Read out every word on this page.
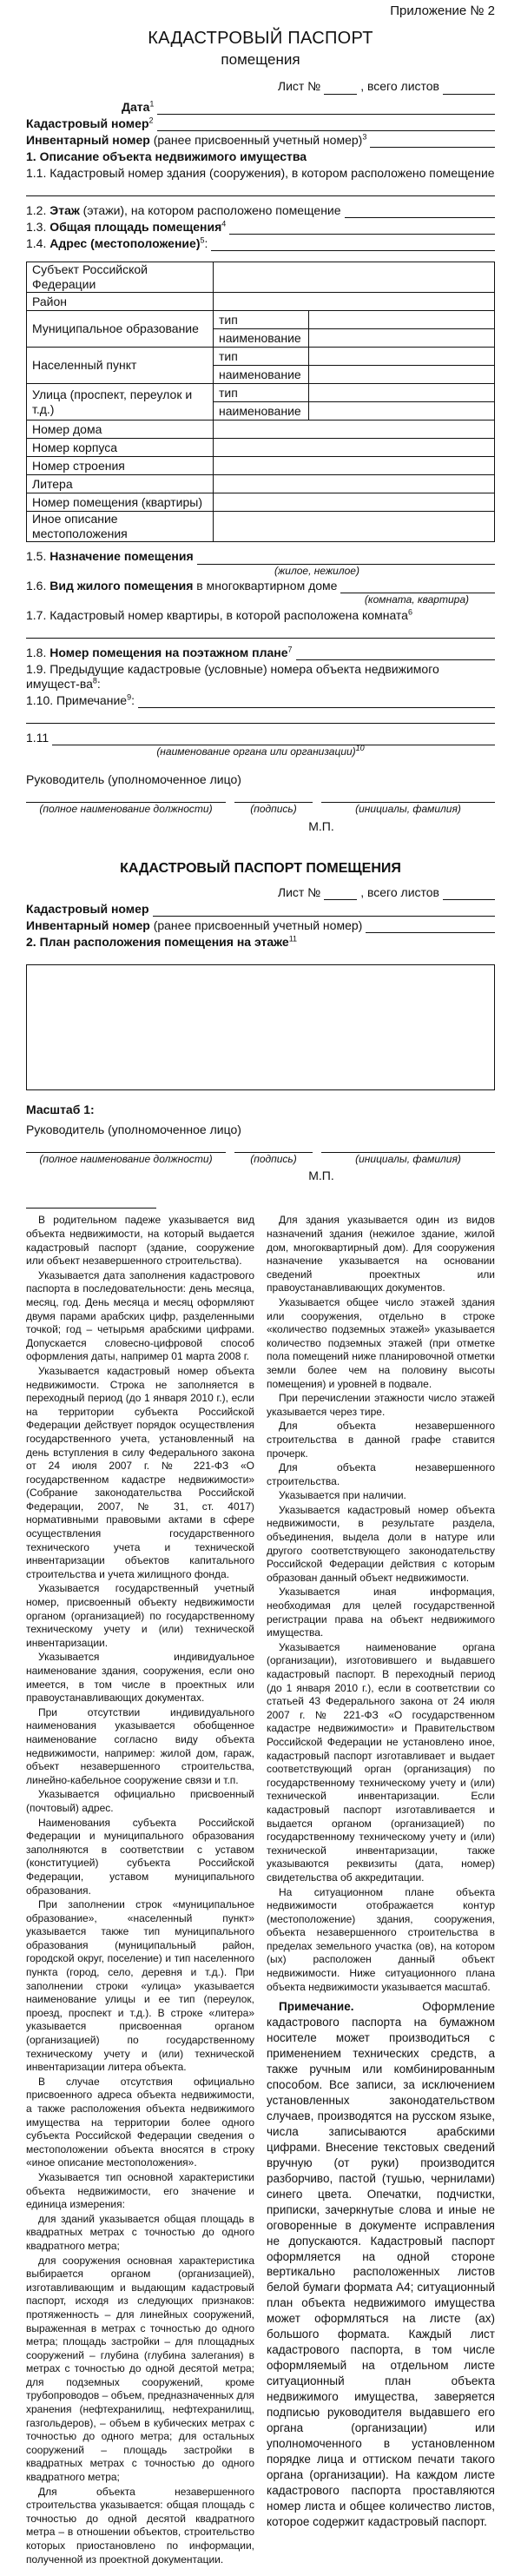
Приложение № 2
КАДАСТРОВЫЙ ПАСПОРТ
помещения
Лист №	, всего листов
Дата$^1$
Кадастровый номер$^2$
Инвентарный номер (ранее присвоенный учетный номер)$^3$
1. Описание объекта недвижимого имущества
1.1. Кадастровый номер здания (сооружения), в котором расположено помещение
1.2. Этаж (этажи), на котором расположено помещение
1.3. Общая площадь помещения$^4$
1.4. Адрес (местоположение)$^5$:
Субъект Российской Федерации		
Район		
Муниципальное образование	тип	
	наименование	
Населенный пункт	тип	
	наименование	
Улица (проспект, переулок и т.д.)	тип	
	наименование	
Номер дома		
Номер корпуса		
Номер строения		
Литера		
Номер помещения (квартиры)		
Иное описание местоположения		
1.5. Назначение помещения
(жилое, нежилое)
1.6. Вид жилого помещения в многоквартирном доме
(комната, квартира)
1.7. Кадастровый номер квартиры, в которой расположена комната$^6$
1.8. Номер помещения на поэтажном плане$^7$
1.9. Предыдущие кадастровые (условные) номера объекта недвижимого имущест-$ва^8$:
1.10. Примечание$^9$:
1.11
(наименование органа или организации)$^{10}$
Руководитель (уполномоченное лицо)
(полное наименование должности)	(подпись)	(инициалы, фамилия)
М.П.
КАДАСТРОВЫЙ ПАСПОРТ ПОМЕЩЕНИЯ
Лист №	, всего листов
Кадастровый номер
Инвентарный номер (ранее присвоенный учетный номер)
2. План расположения помещения на этаже$^{11}$
Масштаб 1:
Руководитель (уполномоченное лицо)
(полное наименование должности)	(подпись)	(инициалы, фамилия)
М.П.

В родительном падеже указывается вид объекта недвижимости, на который выдается кадастровый паспорт (здание, сооружение или объект незавершенного строительства).

Указывается дата заполнения кадастрового паспорта в последовательности: день месяца, месяц, год. День месяца и месяц оформляют двумя парами арабских цифр, разделенными точкой; год – четырьмя арабскими цифрами. Допускается словесно-цифровой способ оформления даты, например 01 марта 2008 г.

Указывается кадастровый номер объекта недвижимости. Строка не заполняется в переходный период (до 1 января 2010 г.), если на территории субъекта Российской Федерации действует порядок осуществления государственного учета, установленный на день вступления в силу Федерального закона от 24 июля 2007 г. № 221-ФЗ «О государственном кадастре недвижимости» (Собрание законодательства Российской Федерации, 2007, № 31, ст. 4017) нормативными правовыми актами в сфере осуществления государственного технического учета и технической инвентаризации объектов капитального строительства и учета жилищного фонда.

Указывается государственный учетный номер, присвоенный объекту недвижимости органом (организацией) по государственному техническому учету и (или) технической инвентаризации.

Указывается индивидуальное наименование здания, сооружения, если оно имеется, в том числе в проектных или правоустанавливающих документах.

При отсутствии индивидуального наименования указывается обобщенное наименование согласно виду объекта недвижимости, например: жилой дом, гараж, объект незавершенного строительства, линейно-кабельное сооружение связи и т.п.

Указывается официально присвоенный (почтовый) адрес.

Наименования субъекта Российской Федерации и муниципального образования заполняются в соответствии с уставом (конституцией) субъекта Российской Федерации, уставом муниципального образования.

При заполнении строк «муниципальное образование», «населенный пункт» указывается также тип муниципального образования (муниципальный район, городской округ, поселение) и тип населенного пункта (город, село, деревня и т.д.). При заполнении строки «улица» указывается наименование улицы и ее тип (переулок, проезд, проспект и т.д.). В строке «литера» указывается присвоенная органом (организацией) по государственному техническому учету и (или) технической инвентаризации литера объекта.

В случае отсутствия официально присвоенного адреса объекта недвижимости, а также расположения объекта недвижимого имущества на территории более одного субъекта Российской Федерации сведения о местоположении объекта вносятся в строку «иное описание местоположения».

Указывается тип основной характеристики объекта недвижимости, его значение и единица измерения:

для зданий указывается общая площадь в квадратных метрах с точностью до одного квадратного метра;

для сооружения основная характеристика выбирается органом (организацией), изготавливающим и выдающим кадастровый паспорт, исходя из следующих признаков: протяженность – для линейных сооружений, выраженная в метрах с точностью до одного метра; площадь застройки – для площадных сооружений – глубина (глубина залегания) в метрах с точностью до одной десятой метра; для подземных сооружений, кроме трубопроводов – объем, предназначенных для хранения (нефтехранилищ, нефтехранилищ, газгольдеров), – объем в кубических метрах с точностью до одного метра; для остальных сооружений – площадь застройки в квадратных метрах с точностью до одного квадратного метра;

Для объекта незавершенного строительства указывается: общая площадь с точностью до одной десятой квадратного метра – в отношении объектов, строительство которых приостановлено по информации, полученной из проектной документации.

Для здания указывается один из видов назначений здания (нежилое здание, жилой дом, многоквартирный дом). Для сооружения назначение указывается на основании сведений проектных или правоустанавливающих документов.

Указывается общее число этажей здания или сооружения, отдельно в строке «количество подземных этажей» указывается количество подземных этажей (при отметке пола помещений ниже планировочной отметки земли более чем на половину высоты помещения) и уровней в подвале.

При перечислении этажности число этажей указывается через тире.

Для объекта незавершенного строительства в данной графе ставится прочерк.

Для объекта незавершенного строительства.

Указывается при наличии.

Указывается кадастровый номер объекта недвижимости, в результате раздела, объединения, выдела доли в натуре или другого соответствующего законодательству Российской Федерации действия с которым образован данный объект недвижимости.

Указывается иная информация, необходимая для целей государственной регистрации права на объект недвижимого имущества.

Указывается наименование органа (организации), изготовившего и выдавшего кадастровый паспорт. В переходный период (до 1 января 2010 г.), если в соответствии со статьей 43 Федерального закона от 24 июля 2007 г. № 221-ФЗ «О государственном кадастре недвижимости» и Правительством Российской Федерации не установлено иное, кадастровый паспорт изготавливает и выдает соответствующий орган (организация) по государственному техническому учету и (или) технической инвентаризации. Если кадастровый паспорт изготавливается и выдается органом (организацией) по государственному техническому учету и (или) технической инвентаризации, также указываются реквизиты (дата, номер) свидетельства об аккредитации.

На ситуационном плане объекта недвижимости отображается контур (местоположение) здания, сооружения, объекта незавершенного строительства в пределах земельного участка (ов), на котором (ых) расположен данный объект недвижимости. Ниже ситуационного плана объекта недвижимости указывается масштаб.

Примечание.	Оформление кадастрового паспорта на бумажном носителе может производиться с применением технических средств, а также ручным или комбинированным способом. Все записи, за исключением установленных законодательством случаев, производятся на русском языке, числа записываются арабскими цифрами. Внесение текстовых сведений вручную (от руки) производится разборчиво, пастой (тушью, чернилами) синего цвета. Опечатки, подчистки, приписки, зачеркнутые слова и иные не оговоренные в документе исправления не допускаются. Кадастровый паспорт оформляется на одной стороне вертикально расположенных листов белой бумаги формата А4; ситуационный план объекта недвижимого имущества может оформляться на листе (ах) большого формата. Каждый лист кадастрового паспорта, в том числе оформляемый на отдельном листе ситуационный план объекта недвижимого имущества, заверяется подписью руководителя выдавшего его органа (организации) или уполномоченного в установленном порядке лица и оттиском печати такого органа (организации). На каждом листе кадастрового паспорта проставляются номер листа и общее количество листов, которое содержит кадастровый паспорт.
